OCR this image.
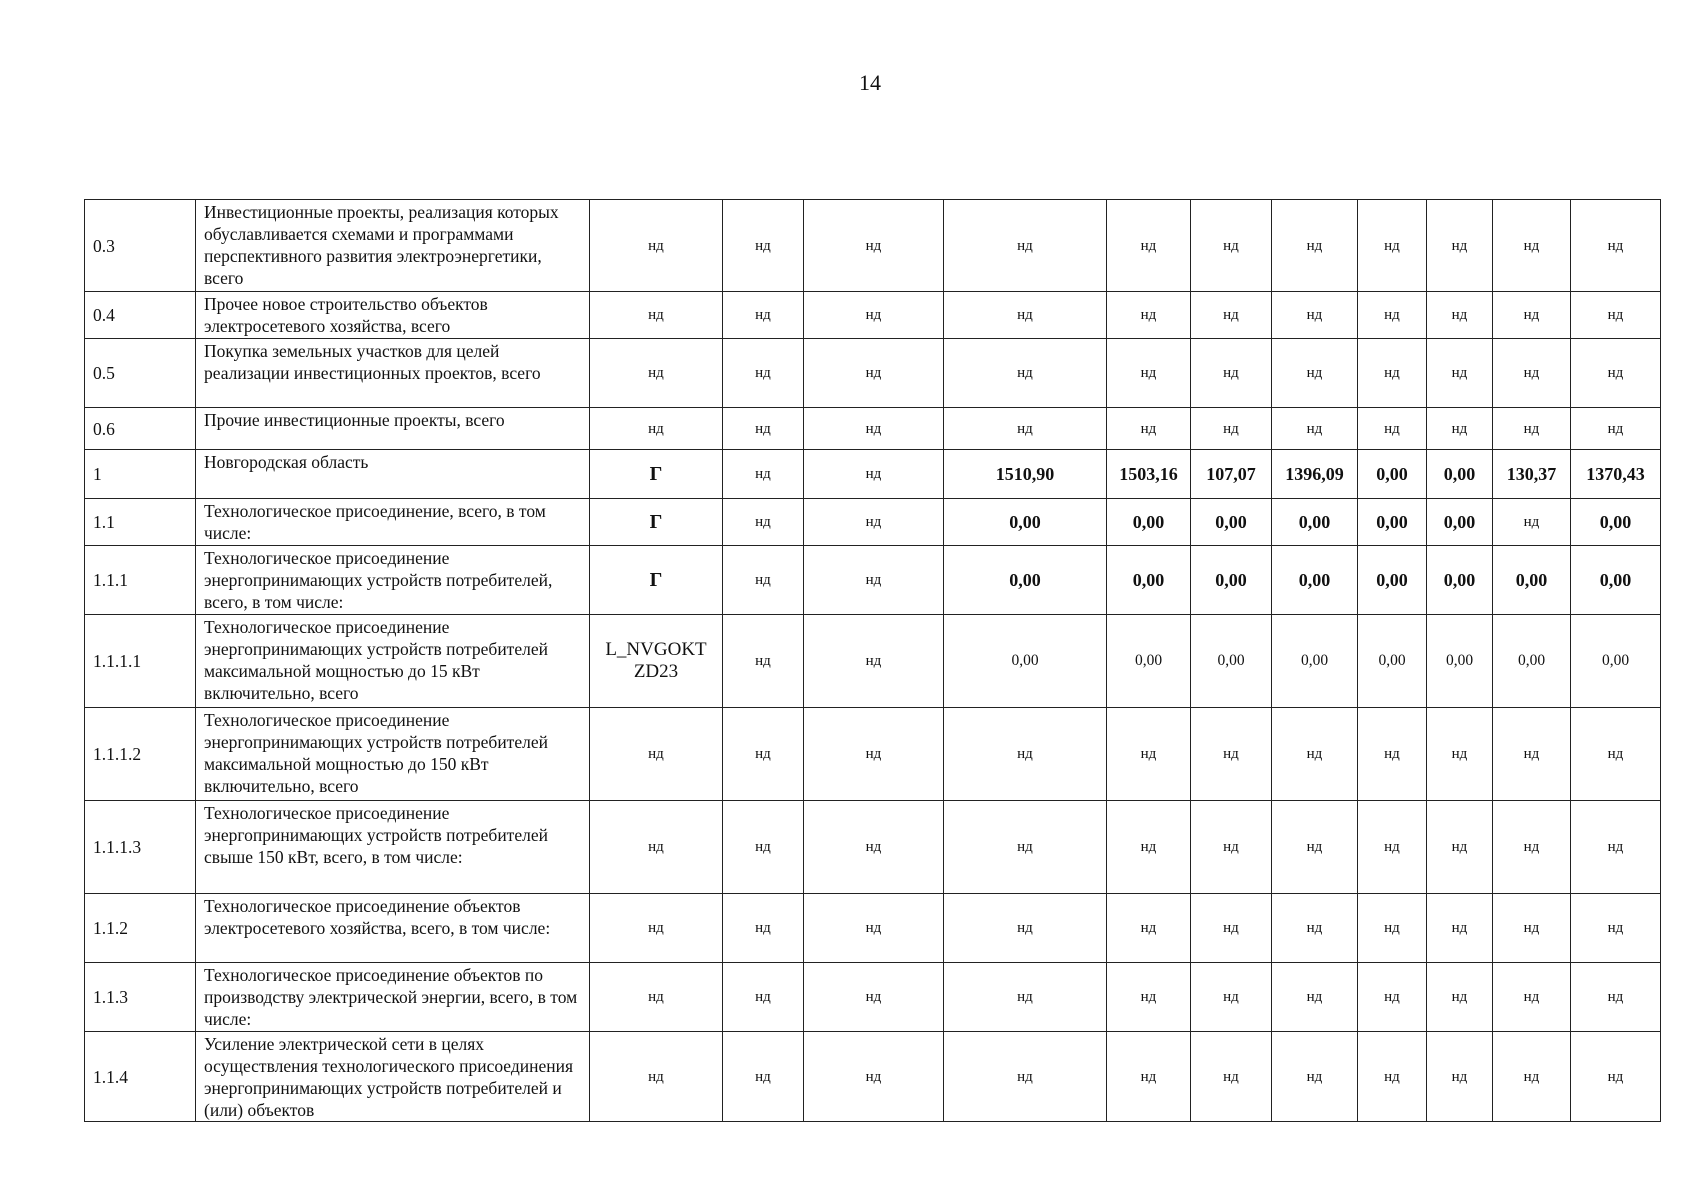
14
0.3	Инвестиционные проекты, реализация которых обуславливается схемами и программами перспективного развития электроэнергетики, всего	нд	нд	нд	нд	нд	нд	нд	нд	нд	нд	нд
0.4	Прочее новое строительство объектов электросетевого хозяйства, всего	нд	нд	нд	нд	нд	нд	нд	нд	нд	нд	нд
0.5	Покупка земельных участков для целей реализации инвестиционных проектов, всего	нд	нд	нд	нд	нд	нд	нд	нд	нд	нд	нд
0.6	Прочие инвестиционные проекты, всего	нд	нд	нд	нд	нд	нд	нд	нд	нд	нд	нд
1	Новгородская область	Г	нд	нд	1510,90	1503,16	107,07	1396,09	0,00	0,00	130,37	1370,43
1.1	Технологическое присоединение, всего, в том числе:	Г	нд	нд	0,00	0,00	0,00	0,00	0,00	0,00	нд	0,00
1.1.1	Технологическое присоединение энергопринимающих устройств потребителей, всего, в том числе:	Г	нд	нд	0,00	0,00	0,00	0,00	0,00	0,00	0,00	0,00
1.1.1.1	Технологическое присоединение энергопринимающих устройств потребителей максимальной мощностью до 15 кВт включительно, всего	L_NVGOKT
ZD23	нд	нд	0,00	0,00	0,00	0,00	0,00	0,00	0,00	0,00
1.1.1.2	Технологическое присоединение энергопринимающих устройств потребителей максимальной мощностью до 150 кВт включительно, всего	нд	нд	нд	нд	нд	нд	нд	нд	нд	нд	нд
1.1.1.3	Технологическое присоединение энергопринимающих устройств потребителей свыше 150 кВт, всего, в том числе:	нд	нд	нд	нд	нд	нд	нд	нд	нд	нд	нд
1.1.2	Технологическое присоединение объектов электросетевого хозяйства, всего, в том числе:	нд	нд	нд	нд	нд	нд	нд	нд	нд	нд	нд
1.1.3	Технологическое присоединение объектов по производству электрической энергии, всего, в том числе:	нд	нд	нд	нд	нд	нд	нд	нд	нд	нд	нд
1.1.4	Усиление электрической сети в целях осуществления технологического присоединения энергопринимающих устройств потребителей и (или) объектов	нд	нд	нд	нд	нд	нд	нд	нд	нд	нд	нд
